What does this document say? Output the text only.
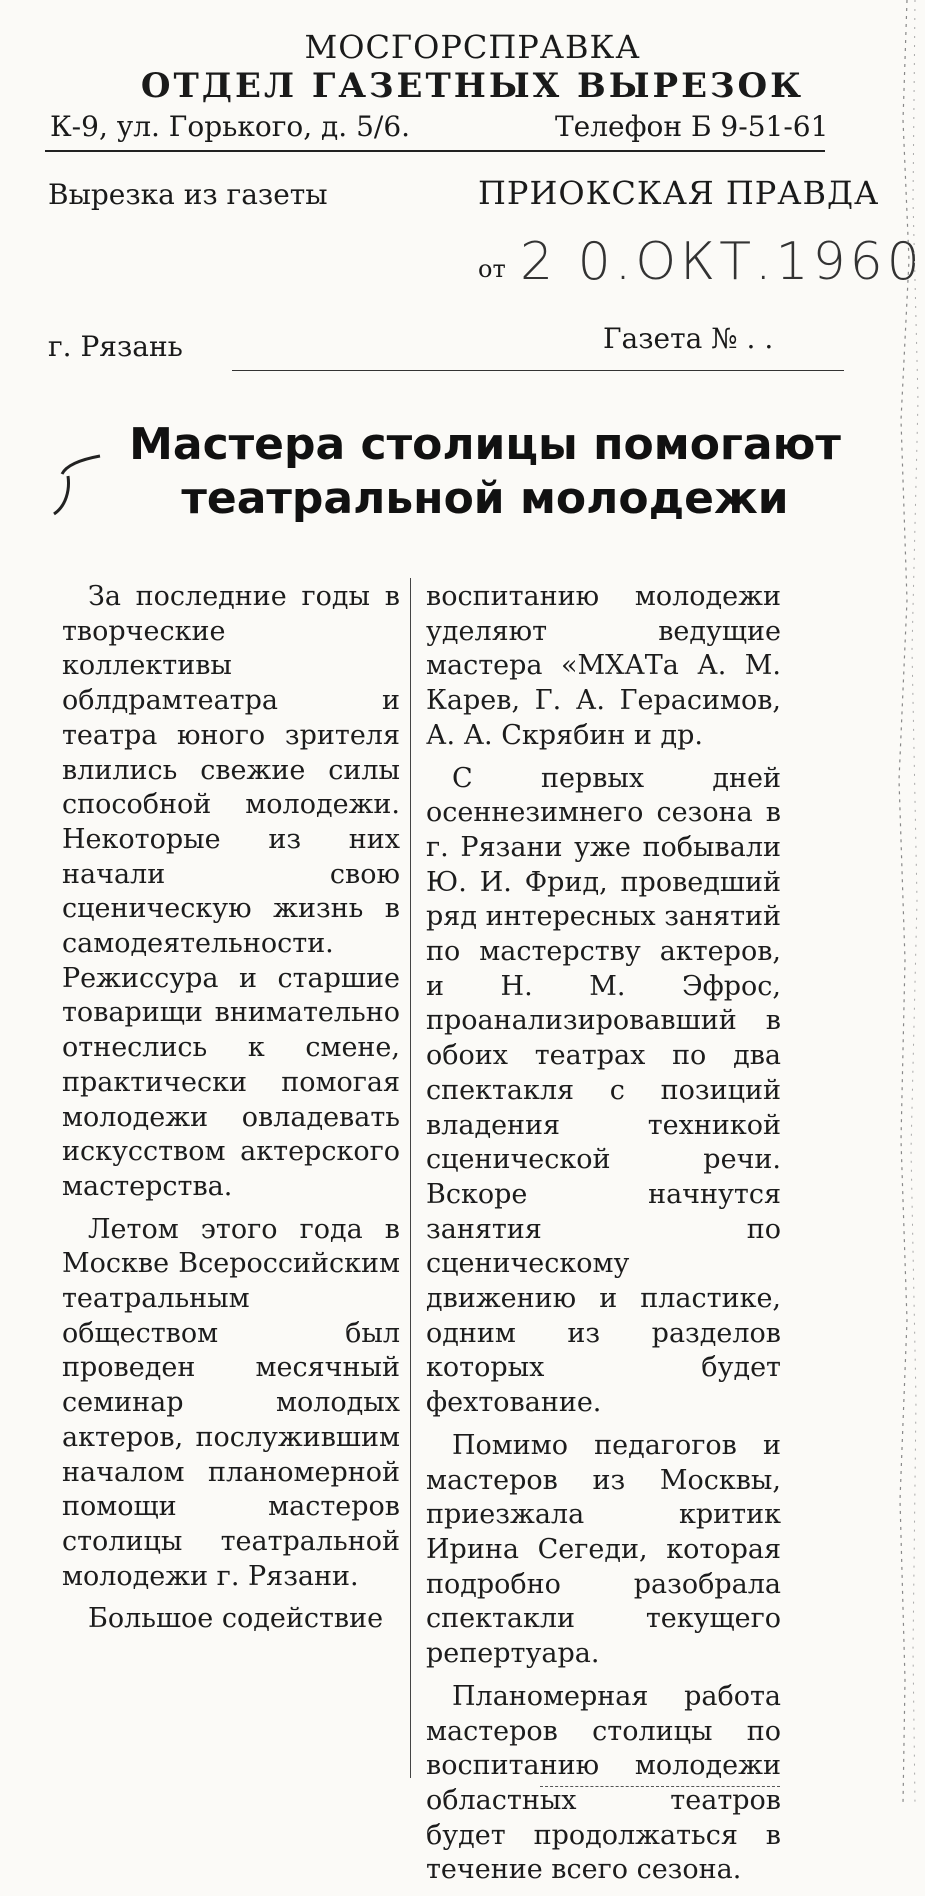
МОСГОРСПРАВКА
ОТДЕЛ ГАЗЕТНЫХ ВЫРЕЗОК
К-9, ул. Горького, д. 5/6.	Телефон Б 9-51-61
Вырезка из газеты	ПРИОКСКАЯ ПРАВДА
от 2 0.ОКТ.1960
г. Рязань	Газета № . .
Мастера столицы помогают
театральной молодежи

За последние годы в творческие коллективы облдрамтеатра и театра юного зрителя влились свежие силы способной молодежи. Некоторые из них начали свою сценическую жизнь в самодеятельности. Режиссура и старшие товарищи внимательно отнеслись к смене, практически помогая молодежи овладевать искусством актерского мастерства.

Летом этого года в Москве Всероссийским театральным обществом был проведен месячный семинар молодых актеров, послужившим началом планомерной помощи мастеров столицы театральной молодежи г. Рязани.

Большое содействие

воспитанию молодежи уделяют ведущие мастера «МХАТа А. М. Карев, Г. А. Герасимов, А. А. Скрябин и др.

С первых дней осеннезимнего сезона в г. Рязани уже побывали Ю. И. Фрид, проведший ряд интересных занятий по мастерству актеров, и Н. М. Эфрос, проанализировавший в обоих театрах по два спектакля с позиций владения техникой сценической речи. Вскоре начнутся занятия по сценическому движению и пластике, одним из разделов которых будет фехтование.

Помимо педагогов и мастеров из Москвы, приезжала критик Ирина Сегеди, которая подробно разобрала спектакли текущего репертуара.

Планомерная работа мастеров столицы по воспитанию молодежи областных театров будет продолжаться в течение всего сезона.
